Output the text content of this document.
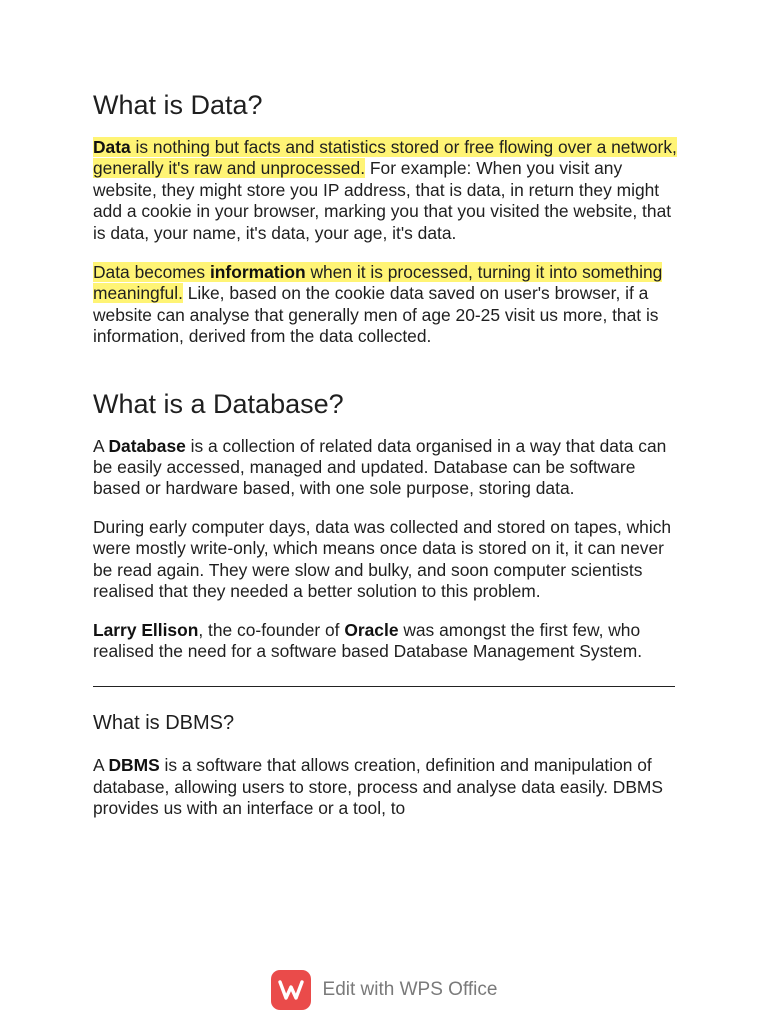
What is Data?

Data is nothing but facts and statistics stored or free flowing over a network, generally it's raw and unprocessed. For example: When you visit any website, they might store you IP address, that is data, in return they might add a cookie in your browser, marking you that you visited the website, that is data, your name, it's data, your age, it's data.

Data becomes information when it is processed, turning it into something meaningful. Like, based on the cookie data saved on user's browser, if a website can analyse that generally men of age 20-25 visit us more, that is information, derived from the data collected.

What is a Database?

A Database is a collection of related data organised in a way that data can be easily accessed, managed and updated. Database can be software based or hardware based, with one sole purpose, storing data.

During early computer days, data was collected and stored on tapes, which were mostly write-only, which means once data is stored on it, it can never be read again. They were slow and bulky, and soon computer scientists realised that they needed a better solution to this problem.

Larry Ellison, the co-founder of Oracle was amongst the first few, who realised the need for a software based Database Management System.

What is DBMS?

A DBMS is a software that allows creation, definition and manipulation of database, allowing users to store, process and analyse data easily. DBMS provides us with an interface or a tool, to

Edit with WPS Office
